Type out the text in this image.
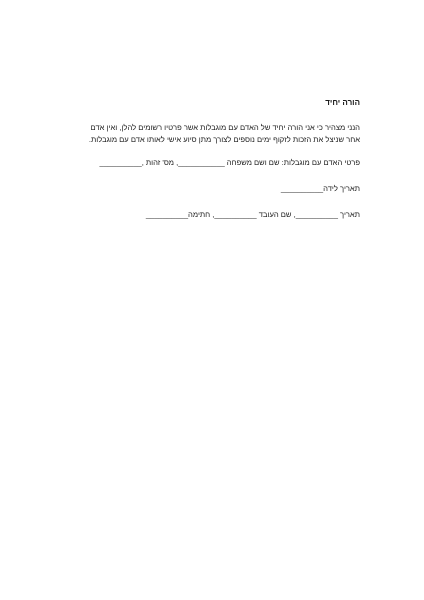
הורה יחיד

הנני מצהיר כי אני הורה יחיד של האדם עם מוגבלות אשר פרטיו רשומים להלן, ואין אדם

אחר שניצל את הזכות לזקוף ימים נוספים לצורך מתן סיוע אישי לאותו אדם עם מוגבלות.

פרטי האדם עם מוגבלות: שם ושם משפחה ___________, מס' זהות ,__________

תאריך לידה__________

תאריך __________, שם העובד __________, חתימה__________
